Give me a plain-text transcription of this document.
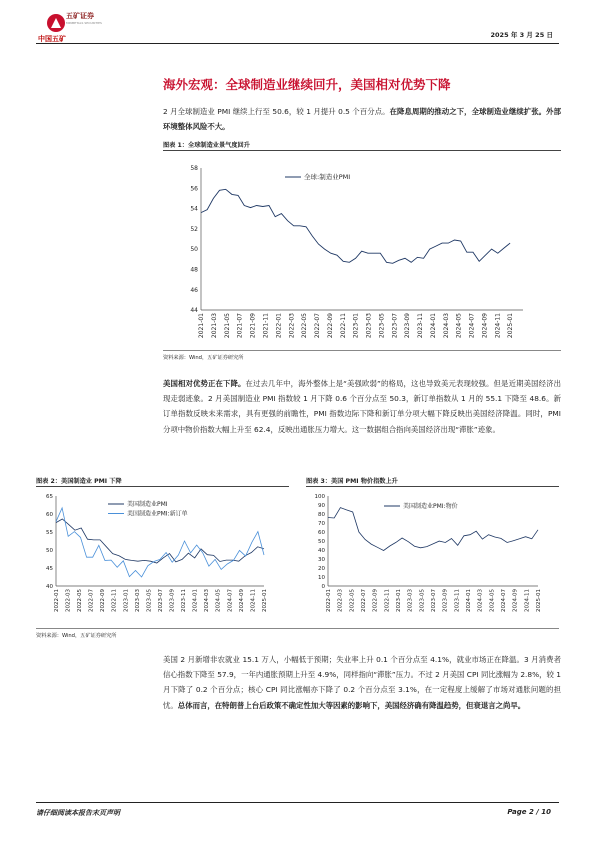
中国五矿
五矿证券
MINMETALS SECURITIES
2025 年 3 月 25 日
海外宏观：全球制造业继续回升，美国相对优势下降
2 月全球制造业 PMI 继续上行至 50.6，较 1 月提升 0.5 个百分点。在降息周期的推动之下，全球制造业继续扩张。外部环境整体风险不大。
图表 1：全球制造业景气度回升
44
46
48
50
52
54
56
58
2021-01 2021-03 2021-05 2021-07 2021-09 2021-11 2022-01 2022-03 2022-05 2022-07 2022-09 2022-11 2023-01 2023-03 2023-05 2023-07 2023-09 2023-11 2024-01 2024-03 2024-05 2024-07 2024-09 2024-11 2025-01
全球:制造业PMI
资料来源：Wind，五矿证券研究所
美国相对优势正在下降。在过去几年中，海外整体上是“美强欧弱”的格局，这也导致美元表现较强。但是近期美国经济出现走弱迹象。2 月美国制造业 PMI 指数较 1 月下降 0.6 个百分点至 50.3，新订单指数从 1 月的 55.1 下降至 48.6。新订单指数反映未来需求，具有更强的前瞻性，PMI 指数边际下降和新订单分项大幅下降反映出美国经济降温。同时，PMI 分项中物价指数大幅上升至 62.4，反映出通胀压力增大。这一数据组合指向美国经济出现“滞胀”迹象。
图表 2：美国制造业 PMI 下降
40
45
50
55
60
65
2022-01 2022-03 2022-05 2022-07 2022-09 2022-11 2023-01 2023-03 2023-05 2023-07 2023-09 2023-11 2024-01 2024-03 2024-05 2024-07 2024-09 2024-11 2025-01
美国制造业PMI
美国制造业PMI:新订单
图表 3：美国 PMI 物价指数上升
0
10
20
30
40
50
60
70
80
90
100
2022-01 2022-03 2022-05 2022-07 2022-09 2022-11 2023-01 2023-03 2023-05 2023-07 2023-09 2023-11 2024-01 2024-03 2024-05 2024-07 2024-09 2024-11 2025-01
美国制造业PMI:物价
资料来源：Wind，五矿证券研究所
美国 2 月新增非农就业 15.1 万人，小幅低于预期；失业率上升 0.1 个百分点至 4.1%，就业市场正在降温。3 月消费者信心指数下降至 57.9，一年内通胀预期上升至 4.9%，同样指向“滞胀”压力。不过 2 月美国 CPI 同比涨幅为 2.8%，较 1 月下降了 0.2 个百分点；核心 CPI 同比涨幅亦下降了 0.2 个百分点至 3.1%，在一定程度上缓解了市场对通胀问题的担忧。总体而言，在特朗普上台后政策不确定性加大等因素的影响下，美国经济确有降温趋势，但衰退言之尚早。
请仔细阅读本报告末页声明	Page 2 / 10
